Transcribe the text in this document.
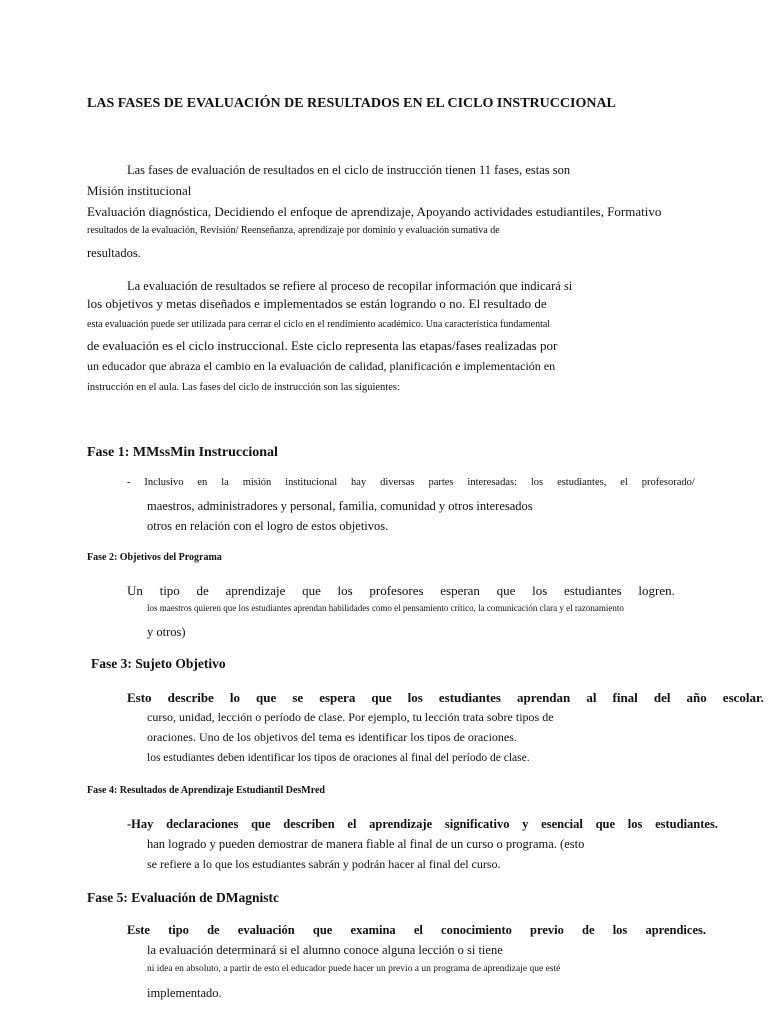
LAS FASES DE EVALUACIÓN DE RESULTADOS EN EL CICLO INSTRUCCIONAL
Las fases de evaluación de resultados en el ciclo de instrucción tienen 11 fases, estas son
Misión institucional
Evaluación diagnóstica, Decidiendo el enfoque de aprendizaje, Apoyando actividades estudiantiles, Formativo
resultados de la evaluación, Revisión/ Reenseñanza, aprendizaje por dominio y evaluación sumativa de
resultados.
La evaluación de resultados se refiere al proceso de recopilar información que indicará si
los objetivos y metas diseñados e implementados se están logrando o no. El resultado de
esta evaluación puede ser utilizada para cerrar el ciclo en el rendimiento académico. Una característica fundamental
de evaluación es el ciclo instruccional. Este ciclo representa las etapas/fases realizadas por
un educador que abraza el cambio en la evaluación de calidad, planificación e implementación en
instrucción en el aula. Las fases del ciclo de instrucción son las siguientes:
Fase 1: MMssMin Instruccional
- Inclusivo en la misión institucional hay diversas partes interesadas: los estudiantes, el profesorado/
maestros, administradores y personal, familia, comunidad y otros interesados
otros en relación con el logro de estos objetivos.
Fase 2: Objetivos del Programa
Un tipo de aprendizaje que los profesores esperan que los estudiantes logren.
los maestros quieren que los estudiantes aprendan habilidades como el pensamiento crítico, la comunicación clara y el razonamiento
y otros)
Fase 3: Sujeto Objetivo
Esto describe lo que se espera que los estudiantes aprendan al final del año escolar.
curso, unidad, lección o período de clase. Por ejemplo, tu lección trata sobre tipos de
oraciones. Uno de los objetivos del tema es identificar los tipos de oraciones.
los estudiantes deben identificar los tipos de oraciones al final del período de clase.
Fase 4: Resultados de Aprendizaje Estudiantil DesMred
-Hay declaraciones que describen el aprendizaje significativo y esencial que los estudiantes.
han logrado y pueden demostrar de manera fiable al final de un curso o programa. (esto
se refiere a lo que los estudiantes sabrán y podrán hacer al final del curso.
Fase 5: Evaluación de DMagnistc
Este tipo de evaluación que examina el conocimiento previo de los aprendices.
la evaluación determinará si el alumno conoce alguna lección o si tiene
ni idea en absoluto, a partir de esto el educador puede hacer un previo a un programa de aprendizaje que esté
implementado.
